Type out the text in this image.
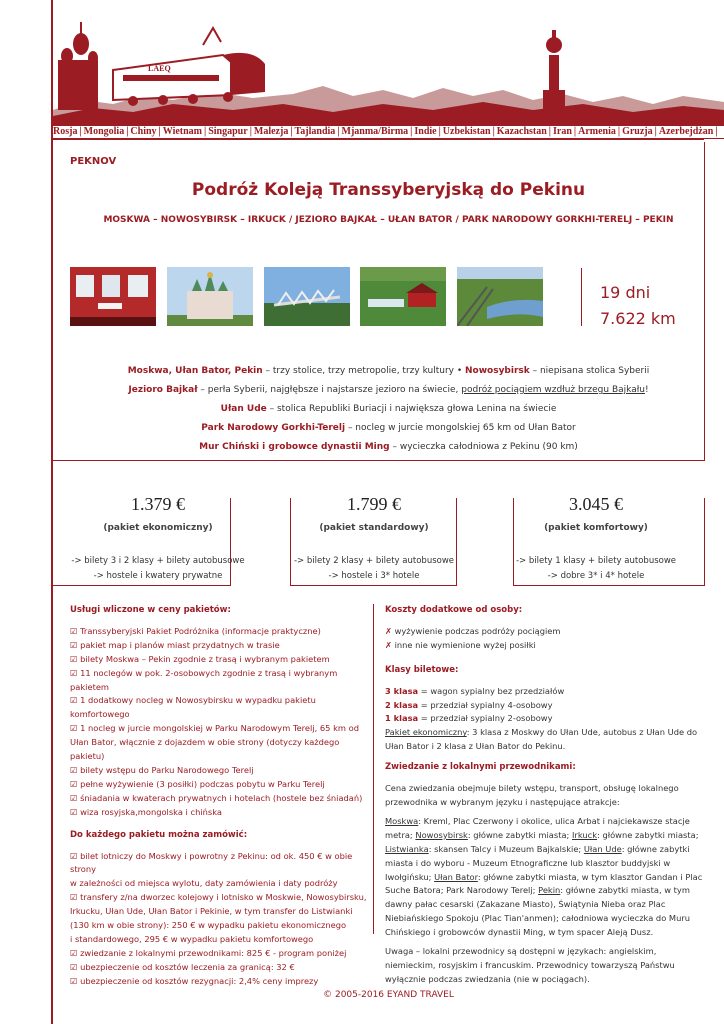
LAEQ
Rosja | Mongolia | Chiny | Wietnam | Singapur | Malezja | Tajlandia | Mjanma/Birma | Indie | Uzbekistan | Kazachstan | Iran | Armenia | Gruzja | Azerbejdżan |
PEKNOV
Podróż Koleją Transsyberyjską do Pekinu
MOSKWA – NOWOSYBIRSK – IRKUCK / JEZIORO BAJKAŁ – UŁAN BATOR / PARK NARODOWY GORKHI-TERELJ – PEKIN
19 dni
7.622 km
Moskwa, Ułan Bator, Pekin – trzy stolice, trzy metropolie, trzy kultury • Nowosybirsk – niepisana stolica Syberii
Jezioro Bajkał – perła Syberii, najgłębsze i najstarsze jezioro na świecie, podróż pociągiem wzdłuż brzegu Bajkału!
Ułan Ude – stolica Republiki Buriacji i największa głowa Lenina na świecie
Park Narodowy Gorkhi-Terelj – nocleg w jurcie mongolskiej 65 km od Ułan Bator
Mur Chiński i grobowce dynastii Ming – wycieczka całodniowa z Pekinu (90 km)
1.379 €
(pakiet ekonomiczny)
-> bilety 3 i 2 klasy + bilety autobusowe
-> hostele i kwatery prywatne
1.799 €
(pakiet standardowy)
-> bilety 2 klasy + bilety autobusowe
-> hostele i 3* hotele
3.045 €
(pakiet komfortowy)
-> bilety 1 klasy + bilety autobusowe
-> dobre 3* i 4* hotele
Usługi wliczone w ceny pakietów:
☑ Transsyberyjski Pakiet Podróżnika (informacje praktyczne)
☑ pakiet map i planów miast przydatnych w trasie
☑ bilety Moskwa – Pekin zgodnie z trasą i wybranym pakietem
☑ 11 noclegów w pok. 2-osobowych zgodnie z trasą i wybranym pakietem
☑ 1 dodatkowy nocleg w Nowosybirsku w wypadku pakietu komfortowego
☑ 1 nocleg w jurcie mongolskiej w Parku Narodowym Terelj, 65 km od
Ułan Bator, włącznie z dojazdem w obie strony (dotyczy każdego pakietu)
☑ bilety wstępu do Parku Narodowego Terelj
☑ pełne wyżywienie (3 posiłki) podczas pobytu w Parku Terelj
☑ śniadania w kwaterach prywatnych i hotelach (hostele bez śniadań)
☑ wiza rosyjska,mongolska i chińska
Do każdego pakietu można zamówić:
☑ bilet lotniczy do Moskwy i powrotny z Pekinu: od ok. 450 € w obie strony
w zależności od miejsca wylotu, daty zamówienia i daty podróży
☑ transfery z/na dworzec kolejowy i lotnisko w Moskwie, Nowosybirsku,
Irkucku, Ułan Ude, Ułan Bator i Pekinie, w tym transfer do Listwianki
(130 km w obie strony): 250 € w wypadku pakietu ekonomicznego
i standardowego, 295 € w wypadku pakietu komfortowego
☑ zwiedzanie z lokalnymi przewodnikami: 825 € - program poniżej
☑ ubezpieczenie od kosztów leczenia za granicą: 32 €
☑ ubezpieczenie od kosztów rezygnacji: 2,4% ceny imprezy
Koszty dodatkowe od osoby:
✗ wyżywienie podczas podróży pociągiem
✗ inne nie wymienione wyżej posiłki
Klasy biletowe:
3 klasa = wagon sypialny bez przedziałów
2 klasa = przedział sypialny 4-osobowy
1 klasa = przedział sypialny 2-osobowy
Pakiet ekonomiczny: 3 klasa z Moskwy do Ułan Ude, autobus z Ułan Ude do Ułan Bator i 2 klasa z Ułan Bator do Pekinu.
Zwiedzanie z lokalnymi przewodnikami:
Cena zwiedzania obejmuje bilety wstępu, transport, obsługę lokalnego przewodnika w wybranym języku i następujące atrakcje:
Moskwa: Kreml, Plac Czerwony i okolice, ulica Arbat i najciekawsze stacje metra; Nowosybirsk: główne zabytki miasta; Irkuck: główne zabytki miasta; Listwianka: skansen Talcy i Muzeum Bajkalskie; Ułan Ude: główne zabytki miasta i do wyboru - Muzeum Etnograficzne lub klasztor buddyjski w Iwołgińsku; Ułan Bator: główne zabytki miasta, w tym klasztor Gandan i Plac Suche Batora; Park Narodowy Terelj; Pekin: główne zabytki miasta, w tym dawny pałac cesarski (Zakazane Miasto), Świątynia Nieba oraz Plac Niebiańskiego Spokoju (Plac Tian'anmen); całodniowa wycieczka do Muru Chińskiego i grobowców dynastii Ming, w tym spacer Aleją Dusz.
Uwaga – lokalni przewodnicy są dostępni w językach: angielskim, niemieckim, rosyjskim i francuskim. Przewodnicy towarzyszą Państwu wyłącznie podczas zwiedzania (nie w pociągach).
© 2005-2016 EYAND TRAVEL
